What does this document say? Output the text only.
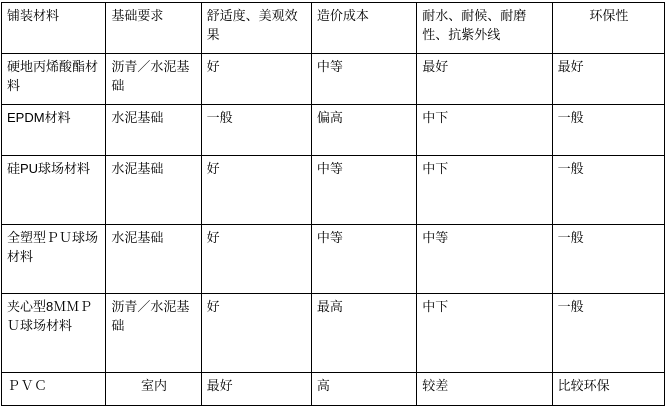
铺装材料	基础要求	舒适度、美观效果	造价成本	耐水、耐候、耐磨性、抗紫外线	环保性
硬地丙烯酸酯材料	沥青／水泥基础	好	中等	最好	最好
EPDM材料	水泥基础	一般	偏高	中下	一般
硅PU球场材料	水泥基础	好	中等	中下	一般
全塑型ＰＵ球场材料	水泥基础	好	中等	中等	一般
夹心型8ＭＭＰＵ球场材料	沥青／水泥基础	好	最高	中下	一般
ＰＶＣ	室内	最好	高	较差	比较环保
